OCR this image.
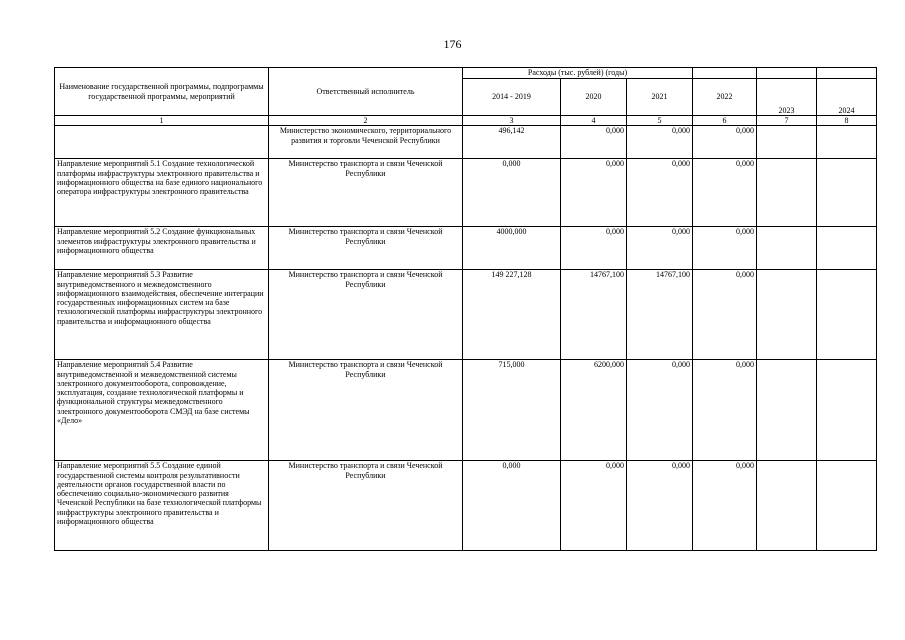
176
Наименование государственной программы, подпрограммы государственной программы, мероприятий	Ответственный исполнитель	Расходы (тыс. рублей) (годы)					
		2014 - 2019	2020	2021	2022	2023	2024
1	2	3	4	5	6	7	8
	Министерство экономического, территориального развития и торговли Чеченской Республики	496,142	0,000	0,000	0,000		
Направление мероприятий 5.1 Создание технологической платформы инфраструктуры электронного правительства и информационного общества на базе единого национального оператора инфраструктуры электронного правительства	Министерство транспорта и связи Чеченской Республики	0,000	0,000	0,000	0,000		
Направление мероприятий 5.2 Создание функциональных элементов инфраструктуры электронного правительства и информационного общества	Министерство транспорта и связи Чеченской Республики	4000,000	0,000	0,000	0,000		
Направление мероприятий 5.3 Развитие внутриведомственного и межведомственного информационного взаимодействия, обеспечение интеграции государственных информационных систем на базе технологической платформы инфраструктуры электронного правительства и информационного общества	Министерство транспорта и связи Чеченской Республики	149 227,128	14767,100	14767,100	0,000		
Направление мероприятий 5.4 Развитие внутриведомственной и межведомственной системы электронного документооборота, сопровождение, эксплуатация, создание технологической платформы и функциональной структуры межведомственного электронного документооборота СМЭД на базе системы «Дело»	Министерство транспорта и связи Чеченской Республики	715,000	6200,000	0,000	0,000		
Направление мероприятий 5.5 Создание единой государственной системы контроля результативности деятельности органов государственной власти по обеспечению социально-экономического развития Чеченской Республики на базе технологической платформы инфраструктуры электронного правительства и информационного общества	Министерство транспорта и связи Чеченской Республики	0,000	0,000	0,000	0,000		
